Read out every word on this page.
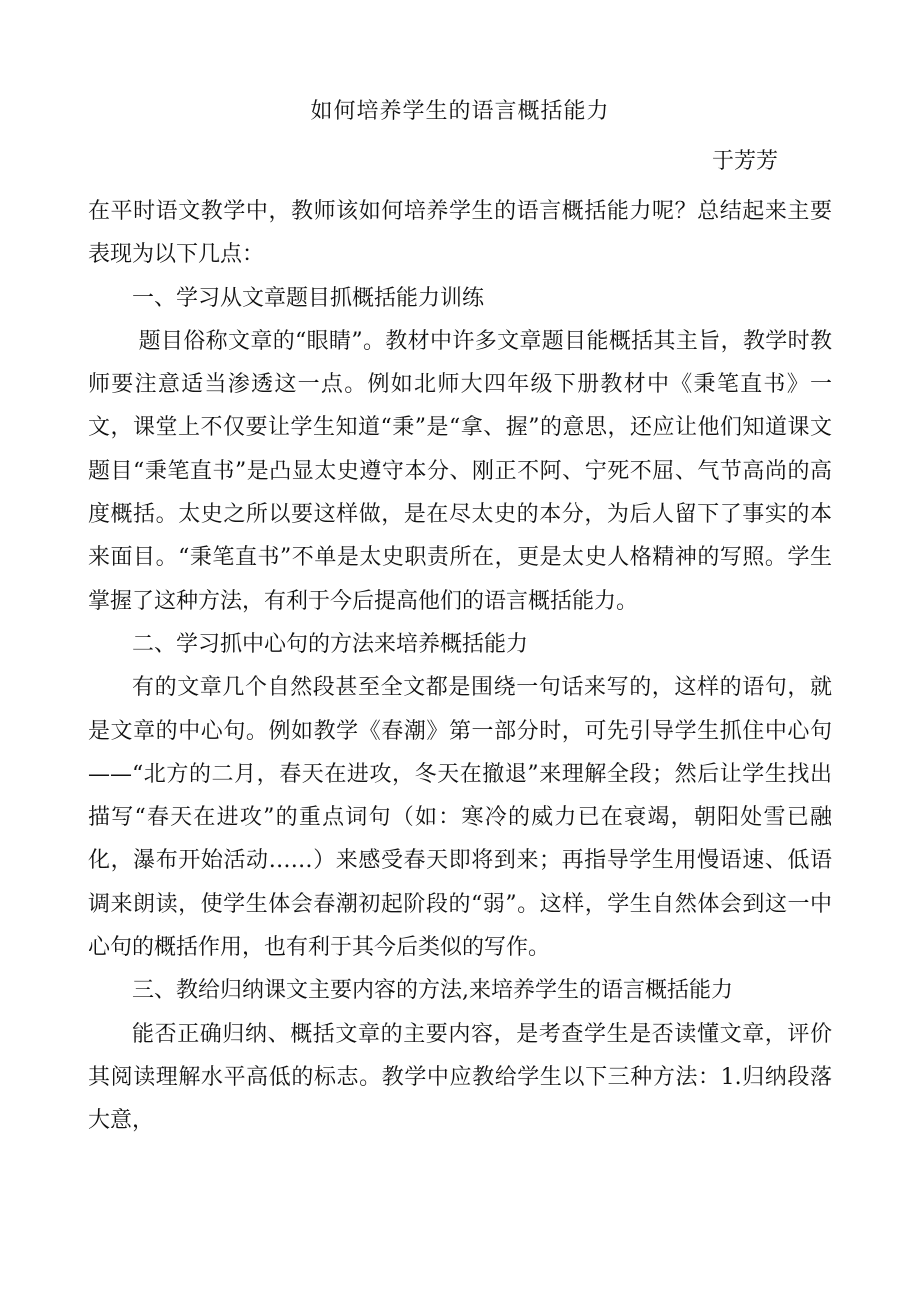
如何培养学生的语言概括能力
于芳芳

在平时语文教学中，教师该如何培养学生的语言概括能力呢？总结起来主要表现为以下几点：

一、学习从文章题目抓概括能力训练

题目俗称文章的“眼睛”。教材中许多文章题目能概括其主旨，教学时教师要注意适当渗透这一点。例如北师大四年级下册教材中《秉笔直书》一文，课堂上不仅要让学生知道“秉”是“拿、握”的意思，还应让他们知道课文题目“秉笔直书”是凸显太史遵守本分、刚正不阿、宁死不屈、气节高尚的高度概括。太史之所以要这样做，是在尽太史的本分，为后人留下了事实的本来面目。“秉笔直书”不单是太史职责所在，更是太史人格精神的写照。学生掌握了这种方法，有利于今后提高他们的语言概括能力。

二、学习抓中心句的方法来培养概括能力

有的文章几个自然段甚至全文都是围绕一句话来写的，这样的语句，就是文章的中心句。例如教学《春潮》第一部分时，可先引导学生抓住中心句——“北方的二月，春天在进攻，冬天在撤退”来理解全段；然后让学生找出描写“春天在进攻”的重点词句（如：寒冷的威力已在衰竭，朝阳处雪已融化，瀑布开始活动……）来感受春天即将到来；再指导学生用慢语速、低语调来朗读，使学生体会春潮初起阶段的“弱”。这样，学生自然体会到这一中心句的概括作用，也有利于其今后类似的写作。

三、教给归纳课文主要内容的方法,来培养学生的语言概括能力

能否正确归纳、概括文章的主要内容，是考查学生是否读懂文章，评价其阅读理解水平高低的标志。教学中应教给学生以下三种方法：1.归纳段落大意，
